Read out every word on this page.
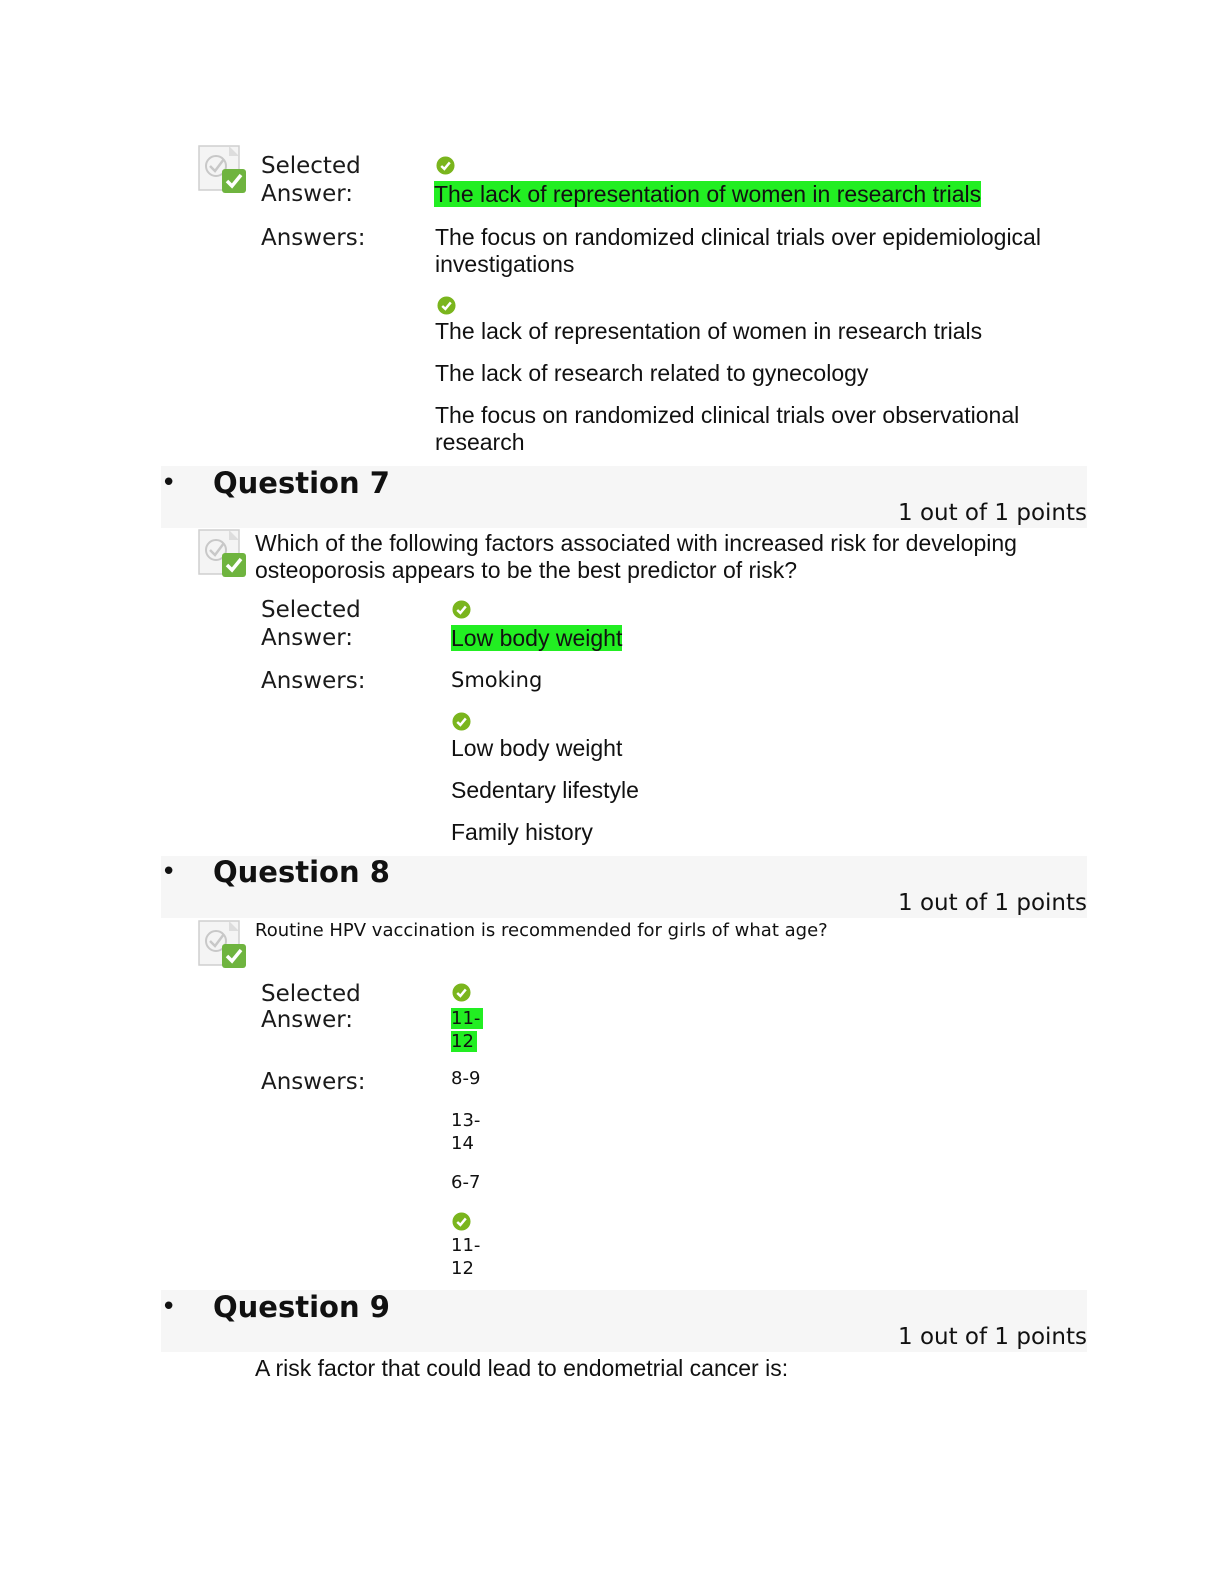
Selected
Answer:	The lack of representation of women in research trials
Answers:	The focus on randomized clinical trials over epidemiological
investigations
The lack of representation of women in research trials
The lack of research related to gynecology
The focus on randomized clinical trials over observational
research
• Question 7
1 out of 1 points
Which of the following factors associated with increased risk for developing
osteoporosis appears to be the best predictor of risk?
Selected
Answer:	Low body weight
Answers:	Smoking
Low body weight
Sedentary lifestyle
Family history
• Question 8
1 out of 1 points
Routine HPV vaccination is recommended for girls of what age?
Selected
Answer:	11-
12
Answers:	8-9
13-
14
6-7
11-
12
• Question 9
1 out of 1 points
A risk factor that could lead to endometrial cancer is:
